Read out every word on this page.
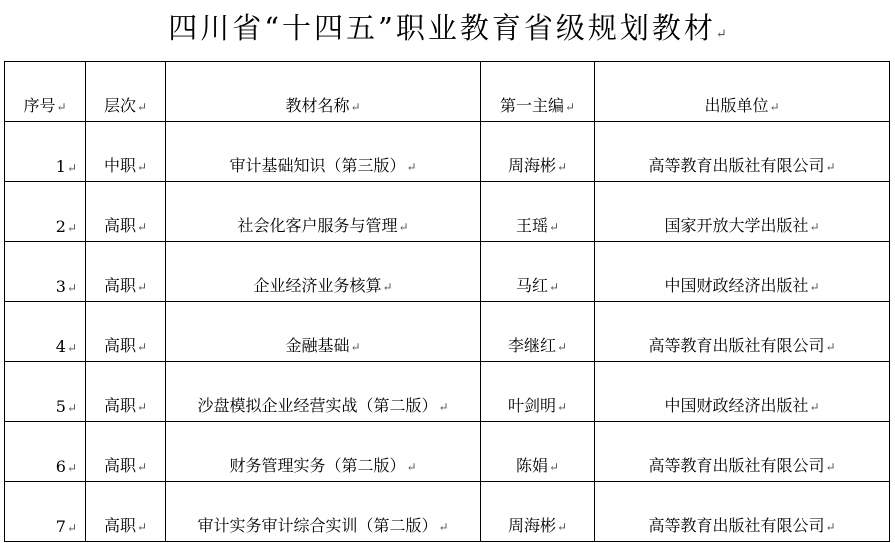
四川省“十四五”职业教育省级规划教材↵
序号↵	层次↵	教材名称↵	第一主编↵	出版单位↵
1↵	中职↵	审计基础知识（第三版）↵	周海彬↵	高等教育出版社有限公司↵
2↵	高职↵	社会化客户服务与管理↵	王瑶↵	国家开放大学出版社↵
3↵	高职↵	企业经济业务核算↵	马红↵	中国财政经济出版社↵
4↵	高职↵	金融基础↵	李继红↵	高等教育出版社有限公司↵
5↵	高职↵	沙盘模拟企业经营实战（第二版）↵	叶剑明↵	中国财政经济出版社↵
6↵	高职↵	财务管理实务（第二版）↵	陈娟↵	高等教育出版社有限公司↵
7↵	高职↵	审计实务审计综合实训（第二版）↵	周海彬↵	高等教育出版社有限公司↵
